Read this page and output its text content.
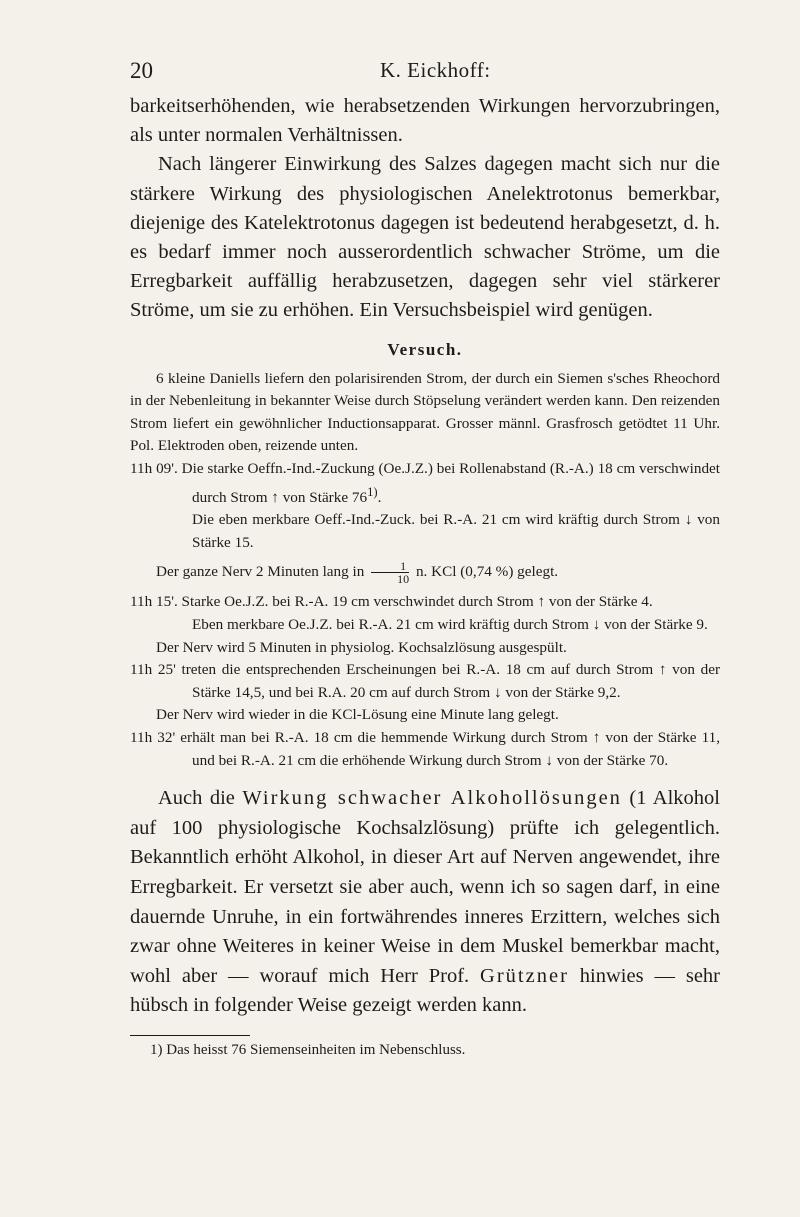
20	K. Eickhoff:

barkeitserhöhenden, wie herabsetzenden Wirkungen hervorzubringen, als unter normalen Verhältnissen.

Nach längerer Einwirkung des Salzes dagegen macht sich nur die stärkere Wirkung des physiologischen Anelektrotonus bemerkbar, diejenige des Katelektrotonus dagegen ist bedeutend herabgesetzt, d. h. es bedarf immer noch ausserordentlich schwacher Ströme, um die Erregbarkeit auffällig herabzusetzen, dagegen sehr viel stärkerer Ströme, um sie zu erhöhen. Ein Versuchsbeispiel wird genügen.

Versuch.

6 kleine Daniells liefern den polarisirenden Strom, der durch ein Siemen s'sches Rheochord in der Nebenleitung in bekannter Weise durch Stöpselung verändert werden kann. Den reizenden Strom liefert ein gewöhnlicher Inductionsapparat. Grosser männl. Grasfrosch getödtet 11 Uhr. Pol. Elektroden oben, reizende unten.

11h 09'. Die starke Oeffn.-Ind.-Zuckung (Oe.J.Z.) bei Rollenabstand (R.-A.) 18 cm verschwindet durch Strom ↑ von Stärke 76$^{1)}$.

Die eben merkbare Oeff.-Ind.-Zuck. bei R.-A. 21 cm wird kräftig durch Strom ↓ von Stärke 15.

Der ganze Nerv 2 Minuten lang in $\frac{1}{10} n$. KCl (0,74 %) gelegt.

11h 15'. Starke Oe.J.Z. bei R.-A. 19 cm verschwindet durch Strom ↑ von der Stärke 4.

Eben merkbare Oe.J.Z. bei R.-A. 21 cm wird kräftig durch Strom ↓ von der Stärke 9.

Der Nerv wird 5 Minuten in physiolog. Kochsalzlösung ausgespült.

11h 25' treten die entsprechenden Erscheinungen bei R.-A. 18 cm auf durch Strom ↑ von der Stärke 14,5, und bei R.A. 20 cm auf durch Strom ↓ von der Stärke 9,2.

Der Nerv wird wieder in die KCl-Lösung eine Minute lang gelegt.

11h 32' erhält man bei R.-A. 18 cm die hemmende Wirkung durch Strom ↑ von der Stärke 11, und bei R.-A. 21 cm die erhöhende Wirkung durch Strom ↓ von der Stärke 70.

Auch die Wirkung schwacher Alkohollösungen (1 Alkohol auf 100 physiologische Kochsalzlösung) prüfte ich gelegentlich. Bekanntlich erhöht Alkohol, in dieser Art auf Nerven angewendet, ihre Erregbarkeit. Er versetzt sie aber auch, wenn ich so sagen darf, in eine dauernde Unruhe, in ein fortwährendes inneres Erzittern, welches sich zwar ohne Weiteres in keiner Weise in dem Muskel bemerkbar macht, wohl aber — worauf mich Herr Prof. Grützner hinwies — sehr hübsch in folgender Weise gezeigt werden kann.

1) Das heisst 76 Siemenseinheiten im Nebenschluss.
